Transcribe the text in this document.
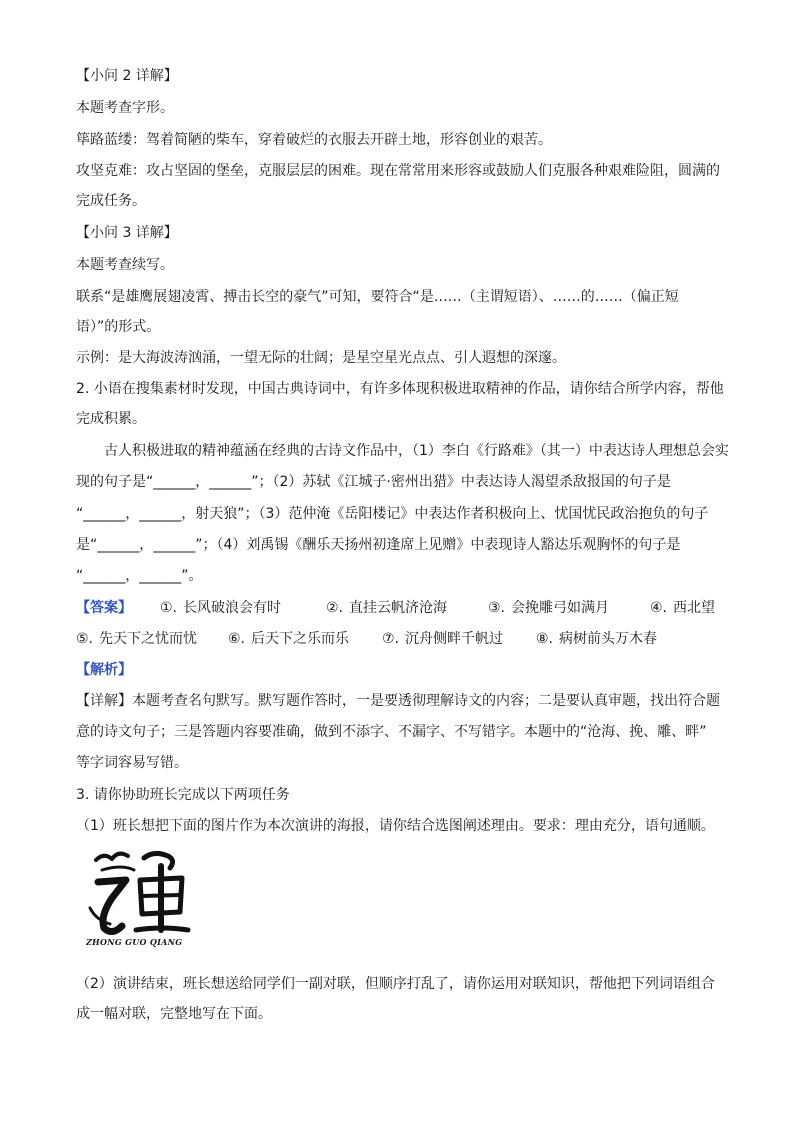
【小问 2 详解】
本题考查字形。
筚路蓝缕：驾着简陋的柴车，穿着破烂的衣服去开辟土地，形容创业的艰苦。
攻坚克难：攻占坚固的堡垒，克服层层的困难。现在常常用来形容或鼓励人们克服各种艰难险阻，圆满的
完成任务。
【小问 3 详解】
本题考查续写。
联系“是雄鹰展翅凌霄、搏击长空的豪气”可知，要符合“是……（主谓短语）、……的……（偏正短
语）”的形式。
示例：是大海波涛汹涌，一望无际的壮阔；是星空星光点点、引人遐想的深邃。
2. 小语在搜集素材时发现，中国古典诗词中，有许多体现积极进取精神的作品，请你结合所学内容，帮他
完成积累。
古人积极进取的精神蕴涵在经典的古诗文作品中，（1）李白《行路难》（其一）中表达诗人理想总会实
现的句子是“______，______”；（2）苏轼《江城子·密州出猎》中表达诗人渴望杀敌报国的句子是
“______，______，射天狼”；（3）范仲淹《岳阳楼记》中表达作者积极向上、忧国忧民政治抱负的句子
是“______，______”；（4）刘禹锡《酬乐天扬州初逢席上见赠》中表现诗人豁达乐观胸怀的句子是
“______，______”。
【答案】 ①. 长风破浪会有时	②. 直挂云帆济沧海	③. 会挽雕弓如满月	④. 西北望
⑤. 先天下之忧而忧 ⑥. 后天下之乐而乐 ⑦. 沉舟侧畔千帆过 ⑧. 病树前头万木春
【解析】
【详解】本题考查名句默写。默写题作答时，一是要透彻理解诗文的内容；二是要认真审题，找出符合题
意的诗文句子；三是答题内容要准确，做到不添字、不漏字、不写错字。本题中的“沧海、挽、雕、畔”
等字词容易写错。
3. 请你协助班长完成以下两项任务
（1）班长想把下面的图片作为本次演讲的海报，请你结合选图阐述理由。要求：理由充分，语句通顺。
ZHONG GUO QIANG
（2）演讲结束，班长想送给同学们一副对联，但顺序打乱了，请你运用对联知识，帮他把下列词语组合
成一幅对联，完整地写在下面。
